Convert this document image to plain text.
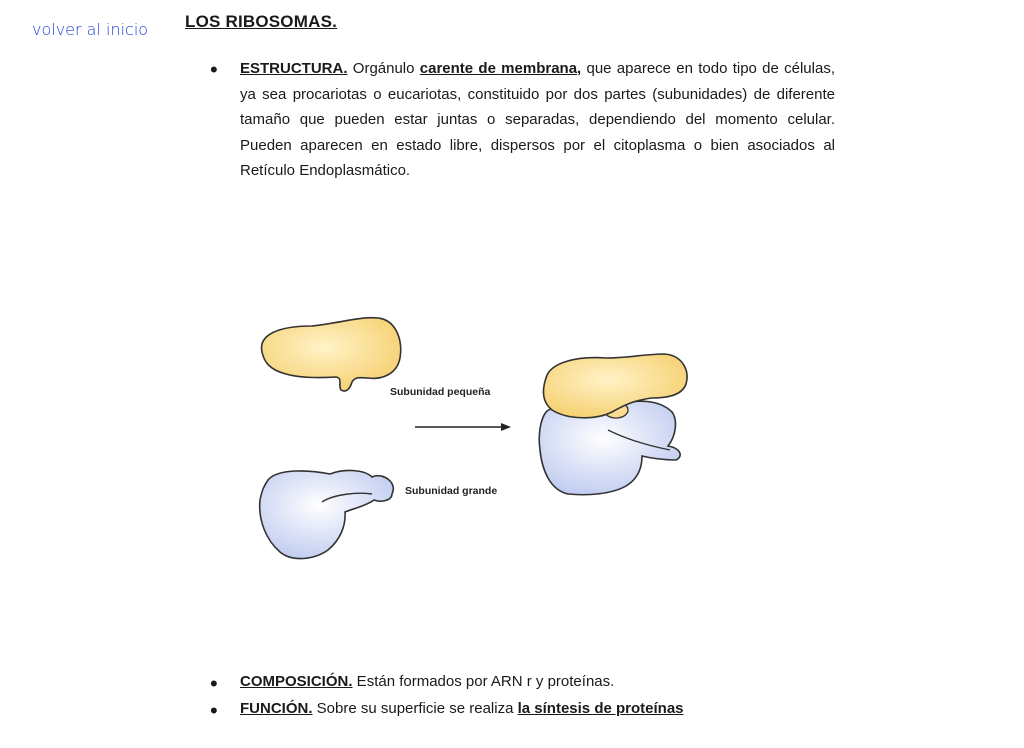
volver al inicio LOS RIBOSOMAS.
• ESTRUCTURA. Orgánulo carente de membrana, que aparece en todo tipo de células, ya sea procariotas o eucariotas, constituido por dos partes (subunidades) de diferente tamaño que pueden estar juntas o separadas, dependiendo del momento celular. Pueden aparecen en estado libre, dispersos por el citoplasma o bien asociados al Retículo Endoplasmático.
Subunidad pequeña
Subunidad grande
• COMPOSICIÓN. Están formados por ARN r y proteínas.
• FUNCIÓN. Sobre su superficie se realiza la síntesis de proteínas
